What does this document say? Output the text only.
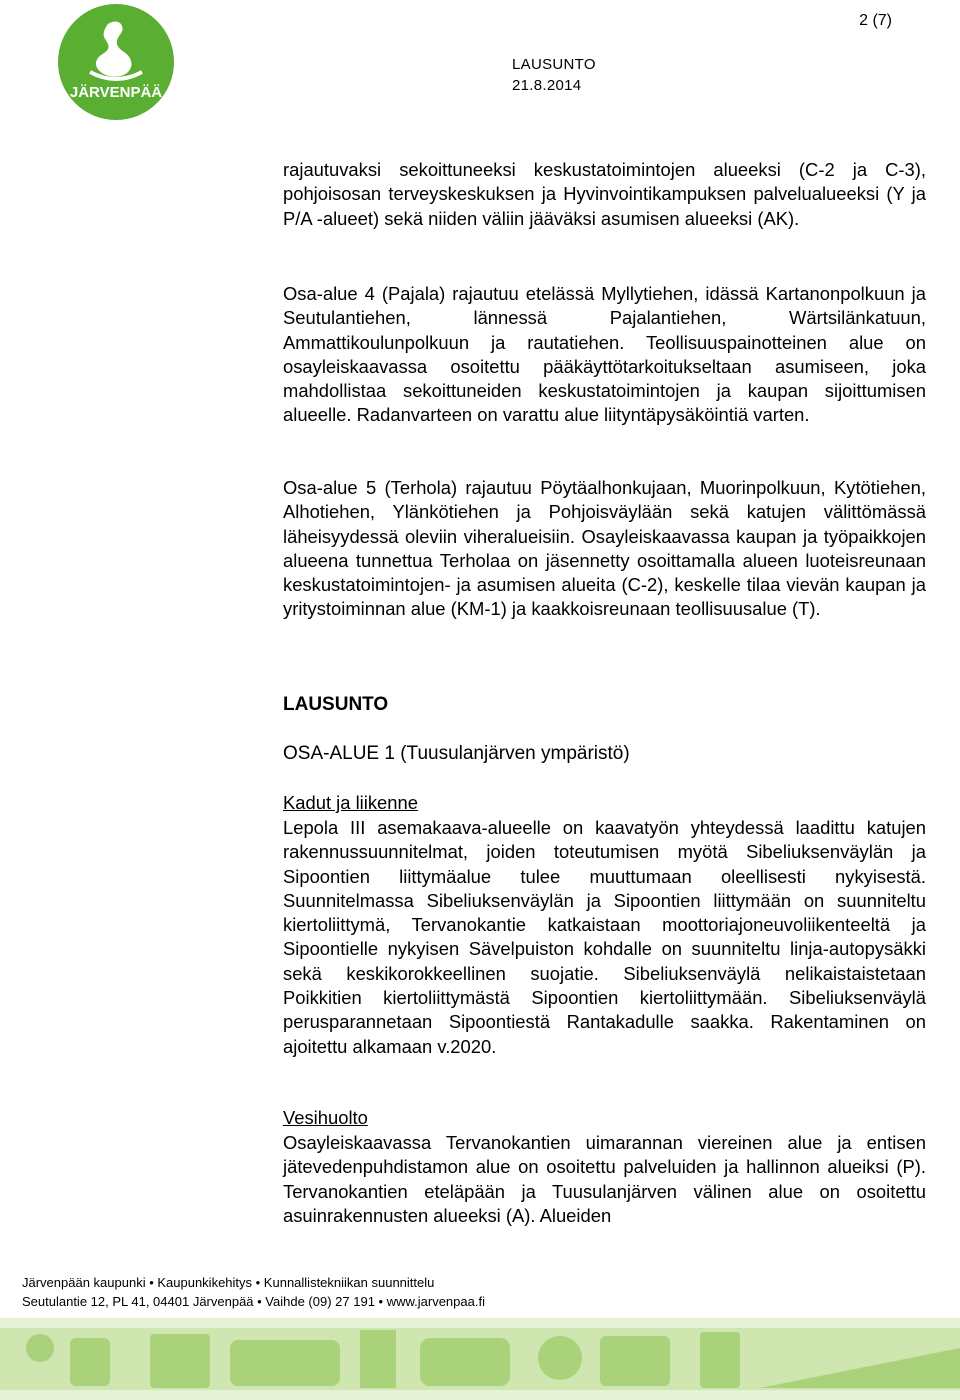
JÄRVENPÄÄ
2 (7)
LAUSUNTO
21.8.2014

rajautuvaksi sekoittuneeksi keskustatoimintojen alueeksi (C-2 ja C-3), pohjoisosan terveyskeskuksen ja Hyvinvointikampuksen palvelualueeksi (Y ja P/A -alueet) sekä niiden väliin jääväksi asumisen alueeksi (AK).

Osa-alue 4 (Pajala) rajautuu etelässä Myllytiehen, idässä Kartanonpolkuun ja Seutulantiehen, lännessä Pajalantiehen, Wärtsilänkatuun, Ammattikoulunpolkuun ja rautatiehen. Teollisuuspainotteinen alue on osayleiskaavassa osoitettu pääkäyttötarkoitukseltaan asumiseen, joka mahdollistaa sekoittuneiden keskustatoimintojen ja kaupan sijoittumisen alueelle. Radanvarteen on varattu alue liityntäpysäköintiä varten.

Osa-alue 5 (Terhola) rajautuu Pöytäalhonkujaan, Muorinpolkuun, Kytötiehen, Alhotiehen, Ylänkötiehen ja Pohjoisväylään sekä katujen välittömässä läheisyydessä oleviin viheralueisiin. Osayleiskaavassa kaupan ja työpaikkojen alueena tunnettua Terholaa on jäsennetty osoittamalla alueen luoteisreunaan keskustatoimintojen- ja asumisen alueita (C-2), keskelle tilaa vievän kaupan ja yritystoiminnan alue (KM-1) ja kaakkoisreunaan teollisuusalue (T).

LAUSUNTO
OSA-ALUE 1 (Tuusulanjärven ympäristö)
Kadut ja liikenne

Lepola III asemakaava-alueelle on kaavatyön yhteydessä laadittu katujen rakennussuunnitelmat, joiden toteutumisen myötä Sibeliuksenväylän ja Sipoontien liittymäalue tulee muuttumaan oleellisesti nykyisestä. Suunnitelmassa Sibeliuksenväylän ja Sipoontien liittymään on suunniteltu kiertoliittymä, Tervanokantie katkaistaan moottoriajoneuvoliikenteeltä ja Sipoontielle nykyisen Sävelpuiston kohdalle on suunniteltu linja-autopysäkki sekä keskikorokkeellinen suojatie. Sibeliuksenväylä nelikaistaistetaan Poikkitien kiertoliittymästä Sipoontien kiertoliittymään. Sibeliuksenväylä perusparannetaan Sipoontiestä Rantakadulle saakka. Rakentaminen on ajoitettu alkamaan v.2020.

Vesihuolto

Osayleiskaavassa Tervanokantien uimarannan viereinen alue ja entisen jätevedenpuhdistamon alue on osoitettu palveluiden ja hallinnon alueiksi (P). Tervanokantien eteläpään ja Tuusulanjärven välinen alue on osoitettu asuinrakennusten alueeksi (A). Alueiden

Järvenpään kaupunki • Kaupunkikehitys • Kunnallistekniikan suunnittelu
Seutulantie 12, PL 41, 04401 Järvenpää • Vaihde (09) 27 191 • www.jarvenpaa.fi
